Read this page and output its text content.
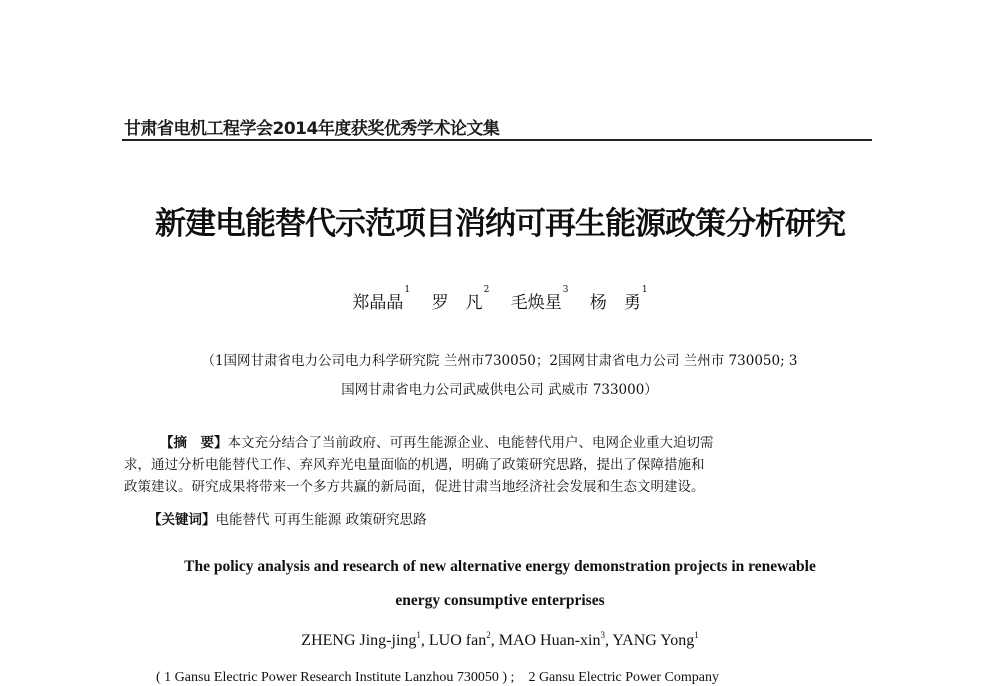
甘肃省电机工程学会2014年度获奖优秀学术论文集
新建电能替代示范项目消纳可再生能源政策分析研究
郑晶晶$^1$ 罗　凡$^2$ 毛焕星$^3$ 杨　勇$^1$
（1国网甘肃省电力公司电力科学研究院 兰州市730050；2国网甘肃省电力公司 兰州市 730050; 3
国网甘肃省电力公司武威供电公司 武威市 733000）
【摘　要】本文充分结合了当前政府、可再生能源企业、电能替代用户、电网企业重大迫切需
求，通过分析电能替代工作、弃风弃光电量面临的机遇，明确了政策研究思路，提出了保障措施和
政策建议。研究成果将带来一个多方共赢的新局面，促进甘肃当地经济社会发展和生态文明建设。
【关键词】电能替代 可再生能源 政策研究思路
The policy analysis and research of new alternative energy demonstration projects in renewable
energy consumptive enterprises
ZHENG Jing-jing$^1$, LUO fan$^2$, MAO Huan-xin$^3$, YANG Yong$^1$
( 1 Gansu Electric Power Research Institute Lanzhou 730050 ) ;　2 Gansu Electric Power Company
